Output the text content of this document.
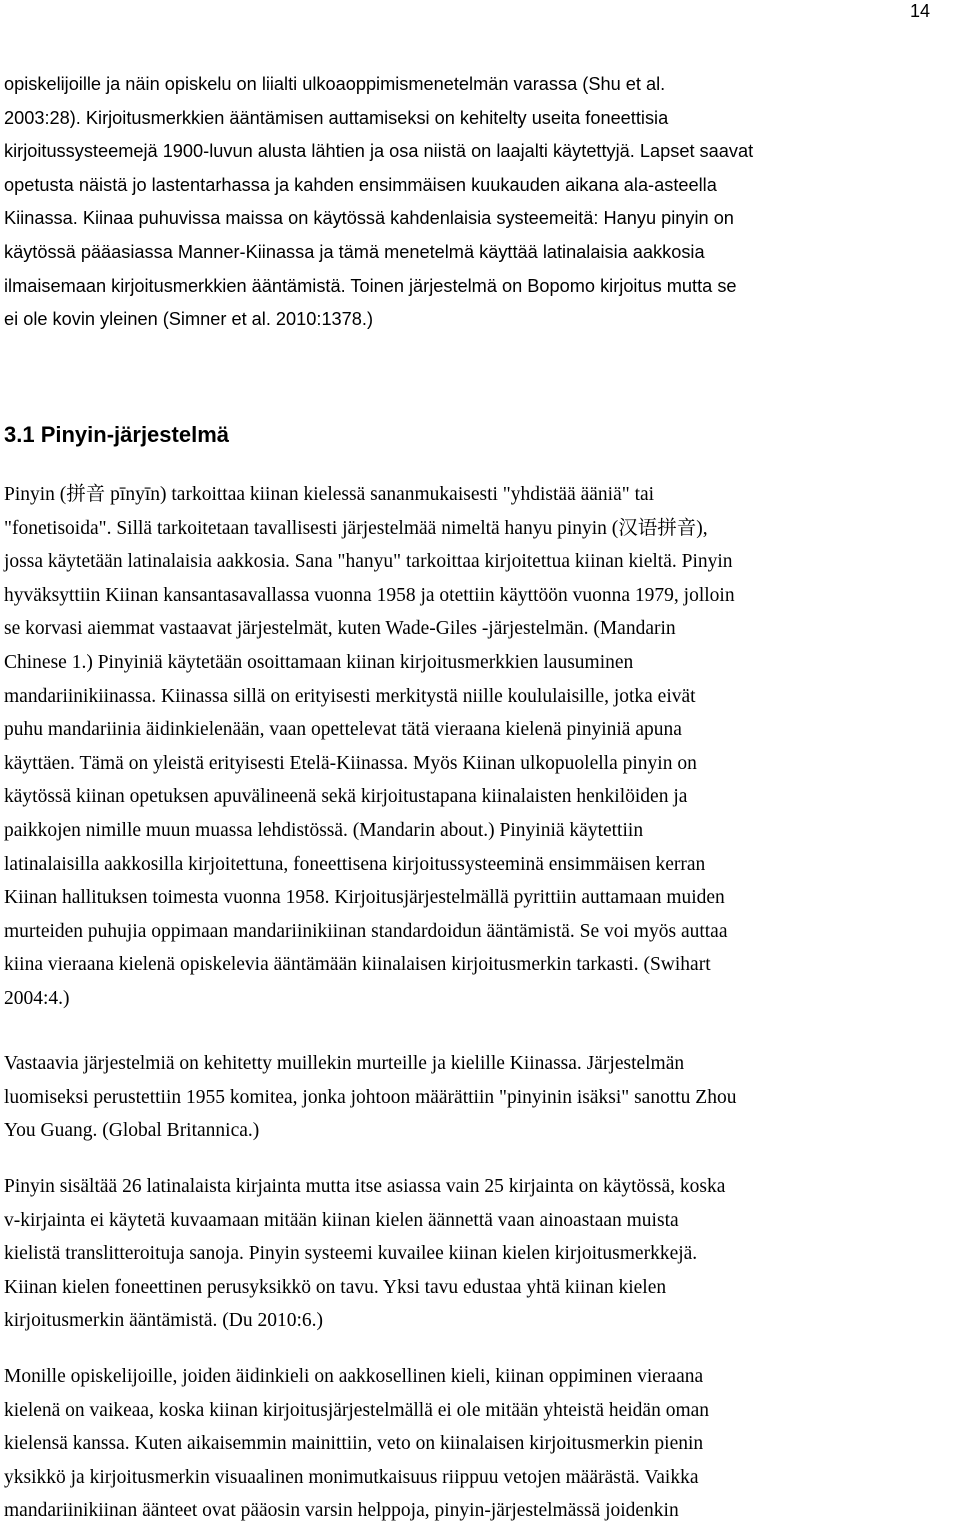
14
opiskelijoille ja näin opiskelu on liialti ulkoaoppimismenetelmän varassa (Shu et al.
2003:28). Kirjoitusmerkkien ääntämisen auttamiseksi on kehitelty useita foneettisia
kirjoitussysteemejä 1900-luvun alusta lähtien ja osa niistä on laajalti käytettyjä. Lapset saavat
opetusta näistä jo lastentarhassa ja kahden ensimmäisen kuukauden aikana ala-asteella
Kiinassa. Kiinaa puhuvissa maissa on käytössä kahdenlaisia systeemeitä: Hanyu pinyin on
käytössä pääasiassa Manner-Kiinassa ja tämä menetelmä käyttää latinalaisia aakkosia
ilmaisemaan kirjoitusmerkkien ääntämistä. Toinen järjestelmä on Bopomo kirjoitus mutta se
ei ole kovin yleinen (Simner et al. 2010:1378.)
3.1 Pinyin-järjestelmä
Pinyin (拼音 pīnyīn) tarkoittaa kiinan kielessä sananmukaisesti "yhdistää ääniä" tai
"fonetisoida". Sillä tarkoitetaan tavallisesti järjestelmää nimeltä hanyu pinyin (汉语拼音),
jossa käytetään latinalaisia aakkosia. Sana "hanyu" tarkoittaa kirjoitettua kiinan kieltä. Pinyin
hyväksyttiin Kiinan kansantasavallassa vuonna 1958 ja otettiin käyttöön vuonna 1979, jolloin
se korvasi aiemmat vastaavat järjestelmät, kuten Wade-Giles -järjestelmän. (Mandarin
Chinese 1.) Pinyiniä käytetään osoittamaan kiinan kirjoitusmerkkien lausuminen
mandariinikiinassa. Kiinassa sillä on erityisesti merkitystä niille koululaisille, jotka eivät
puhu mandariinia äidinkielenään, vaan opettelevat tätä vieraana kielenä pinyiniä apuna
käyttäen. Tämä on yleistä erityisesti Etelä-Kiinassa. Myös Kiinan ulkopuolella pinyin on
käytössä kiinan opetuksen apuvälineenä sekä kirjoitustapana kiinalaisten henkilöiden ja
paikkojen nimille muun muassa lehdistössä. (Mandarin about.) Pinyiniä käytettiin
latinalaisilla aakkosilla kirjoitettuna, foneettisena kirjoitussysteeminä ensimmäisen kerran
Kiinan hallituksen toimesta vuonna 1958. Kirjoitusjärjestelmällä pyrittiin auttamaan muiden
murteiden puhujia oppimaan mandariinikiinan standardoidun ääntämistä. Se voi myös auttaa
kiina vieraana kielenä opiskelevia ääntämään kiinalaisen kirjoitusmerkin tarkasti. (Swihart
2004:4.)
Vastaavia järjestelmiä on kehitetty muillekin murteille ja kielille Kiinassa. Järjestelmän
luomiseksi perustettiin 1955 komitea, jonka johtoon määrättiin "pinyinin isäksi" sanottu Zhou
You Guang. (Global Britannica.)
Pinyin sisältää 26 latinalaista kirjainta mutta itse asiassa vain 25 kirjainta on käytössä, koska
v-kirjainta ei käytetä kuvaamaan mitään kiinan kielen äännettä vaan ainoastaan muista
kielistä translitteroituja sanoja. Pinyin systeemi kuvailee kiinan kielen kirjoitusmerkkejä.
Kiinan kielen foneettinen perusyksikkö on tavu. Yksi tavu edustaa yhtä kiinan kielen
kirjoitusmerkin ääntämistä. (Du 2010:6.)
Monille opiskelijoille, joiden äidinkieli on aakkosellinen kieli, kiinan oppiminen vieraana
kielenä on vaikeaa, koska kiinan kirjoitusjärjestelmällä ei ole mitään yhteistä heidän oman
kielensä kanssa. Kuten aikaisemmin mainittiin, veto on kiinalaisen kirjoitusmerkin pienin
yksikkö ja kirjoitusmerkin visuaalinen monimutkaisuus riippuu vetojen määrästä. Vaikka
mandariinikiinan äänteet ovat pääosin varsin helppoja, pinyin-järjestelmässä joidenkin
